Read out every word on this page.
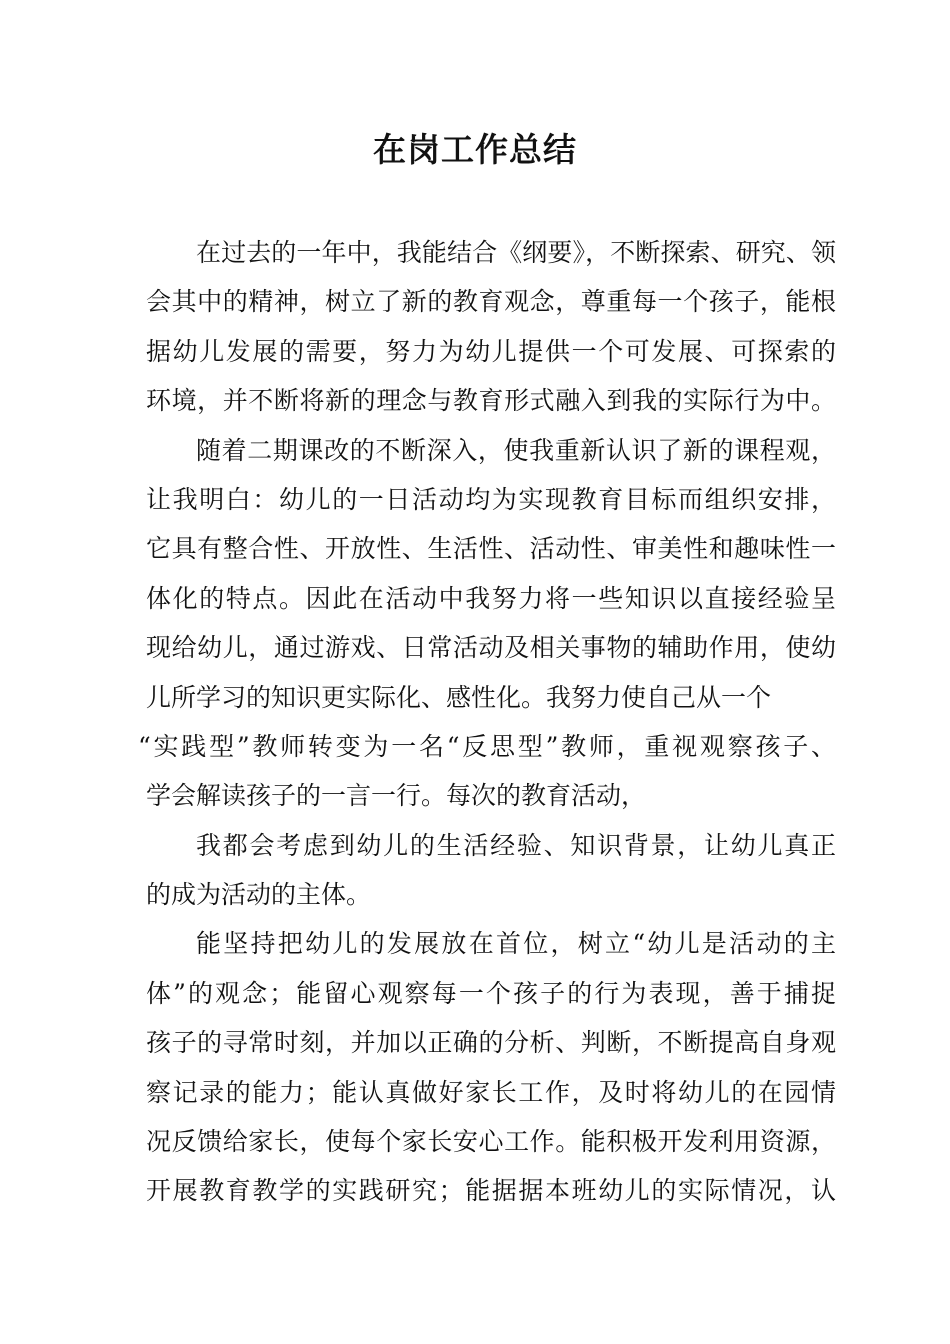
在岗工作总结
在过去的一年中，我能结合《纲要》，不断探索、研究、领
会其中的精神，树立了新的教育观念，尊重每一个孩子，能根
据幼儿发展的需要，努力为幼儿提供一个可发展、可探索的
环境，并不断将新的理念与教育形式融入到我的实际行为中。
随着二期课改的不断深入，使我重新认识了新的课程观，
让我明白：幼儿的一日活动均为实现教育目标而组织安排，
它具有整合性、开放性、生活性、活动性、审美性和趣味性一
体化的特点。因此在活动中我努力将一些知识以直接经验呈
现给幼儿，通过游戏、日常活动及相关事物的辅助作用，使幼
儿所学习的知识更实际化、感性化。我努力使自己从一个
“实践型”教师转变为一名“反思型”教师，重视观察孩子、
学会解读孩子的一言一行。每次的教育活动，
我都会考虑到幼儿的生活经验、知识背景，让幼儿真正
的成为活动的主体。
能坚持把幼儿的发展放在首位，树立“幼儿是活动的主
体”的观念；能留心观察每一个孩子的行为表现，善于捕捉
孩子的寻常时刻，并加以正确的分析、判断，不断提高自身观
察记录的能力；能认真做好家长工作，及时将幼儿的在园情
况反馈给家长，使每个家长安心工作。能积极开发利用资源，
开展教育教学的实践研究；能据据本班幼儿的实际情况，认
